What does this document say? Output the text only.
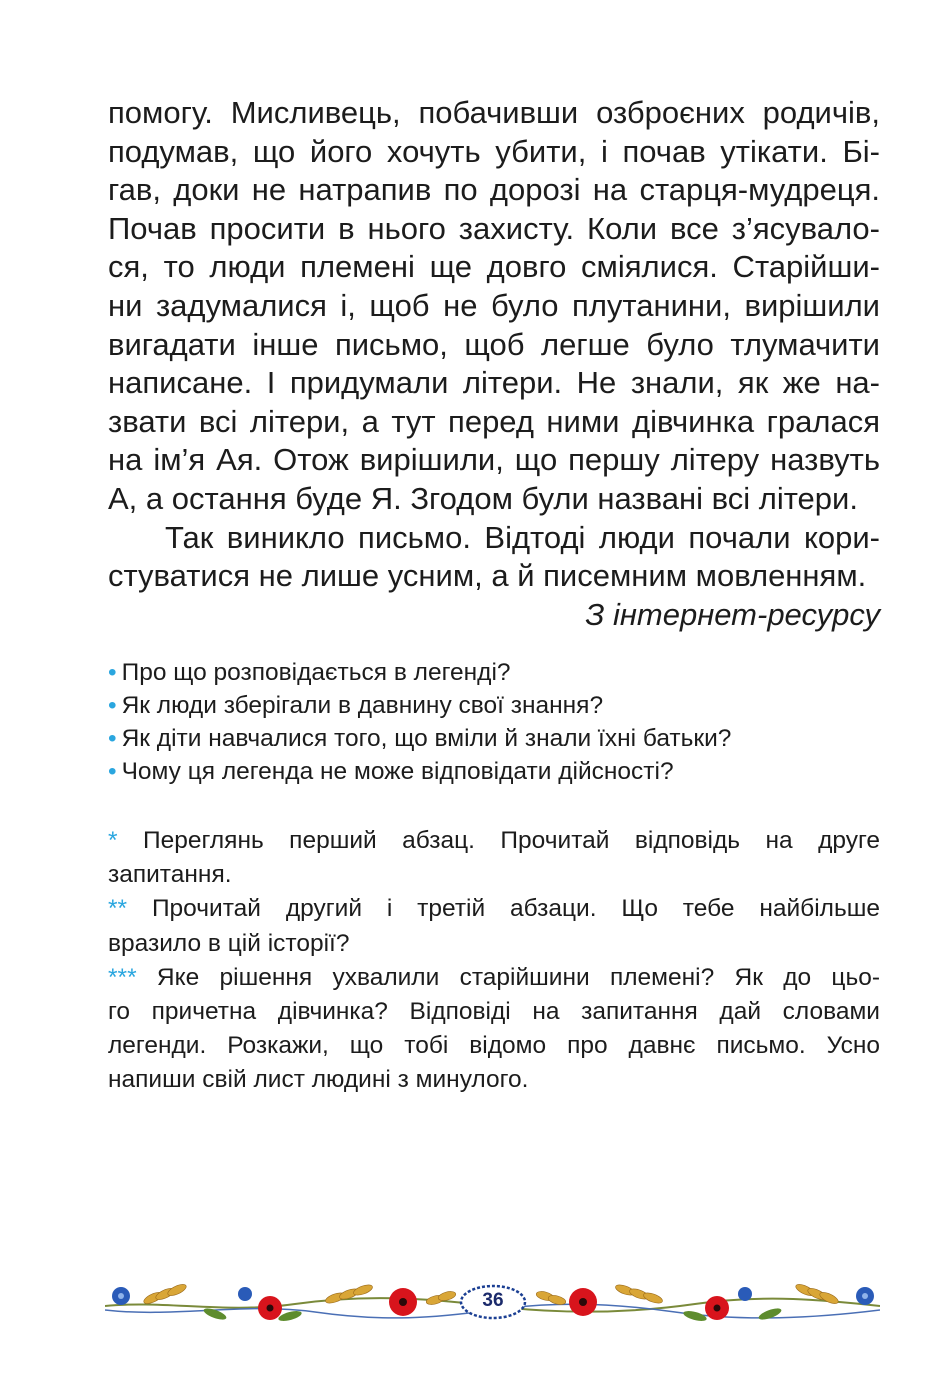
помогу. Мисливець, побачивши озброєних родичів,
подумав, що його хочуть убити, і почав утікати. Бі-
гав, доки не натрапив по дорозі на старця-мудреця.
Почав просити в нього захисту. Коли все з’ясувало-
ся, то люди племені ще довго сміялися. Старійши-
ни задумалися і, щоб не було плутанини, вирішили
вигадати інше письмо, щоб легше було тлумачити
написане. І придумали літери. Не знали, як же на-
звати всі літери, а тут перед ними дівчинка гралася
на ім’я Ая. Отож вирішили, що першу літеру назвуть
А, а остання буде Я. Згодом були названі всі літери.
Так виникло письмо. Відтоді люди почали кори-
стуватися не лише усним, а й писемним мовленням.
З інтернет-ресурсу
• Про що розповідається в легенді?
• Як люди зберігали в давнину свої знання?
• Як діти навчалися того, що вміли й знали їхні батьки?
• Чому ця легенда не може відповідати дійсності?
* Переглянь перший абзац. Прочитай відповідь на друге
запитання.
** Прочитай другий і третій абзаци. Що тебе найбільше
вразило в цій історії?
*** Яке рішення ухвалили старійшини племені? Як до цьо-
го причетна дівчинка? Відповіді на запитання дай словами
легенди. Розкажи, що тобі відомо про давнє письмо. Усно
напиши свій лист людині з минулого.
36
